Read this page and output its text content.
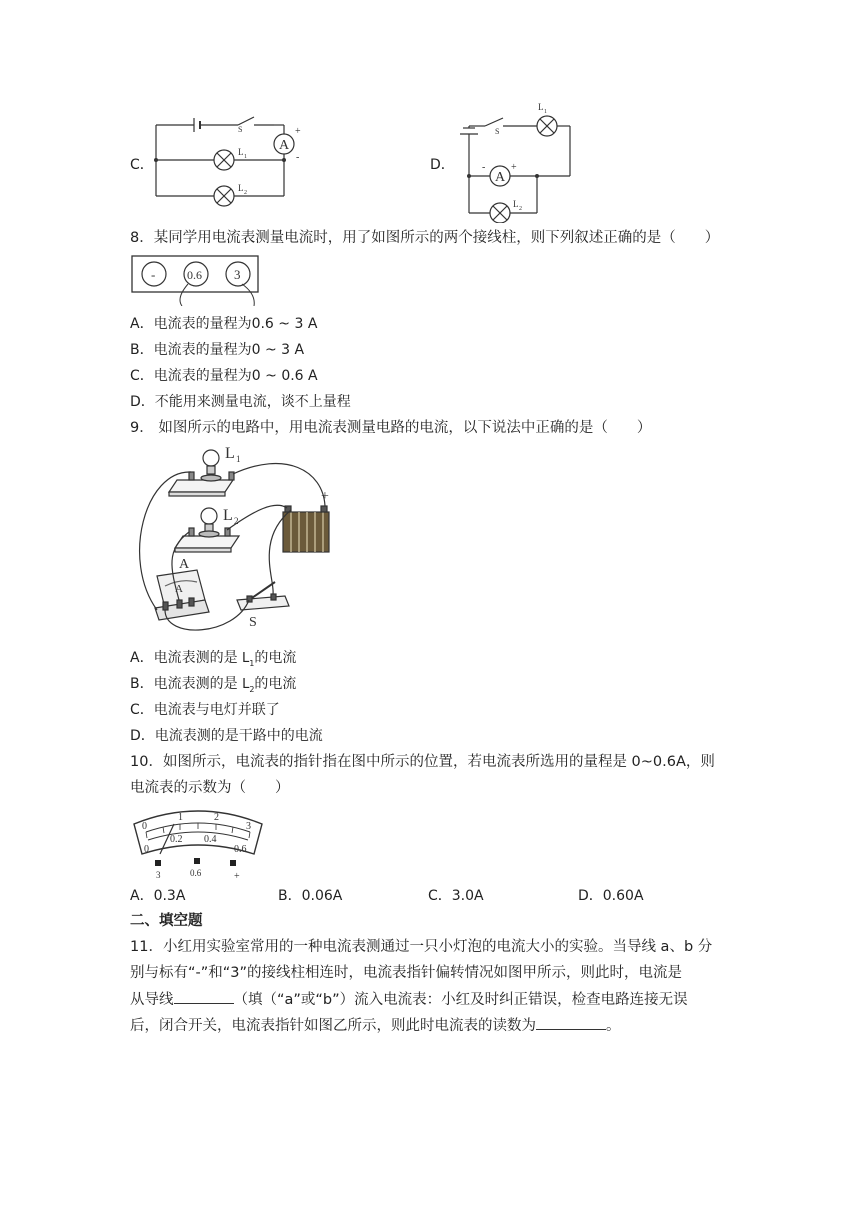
C．
S
A
+
-
L 1
L 2
D．
S
A
-	+
L 1
L 2
8．某同学用电流表测量电流时，用了如图所示的两个接线柱，则下列叙述正确的是（　　）
-	0.6 3
A．电流表的量程为0.6 ~ 3 A
B．电流表的量程为0 ~ 3 A
C．电流表的量程为0 ~ 0.6 A
D．不能用来测量电流，谈不上量程
9． 如图所示的电路中，用电流表测量电路的电流，以下说法中正确的是（　　）
L 1
L 2
−
+
A
A
S
A．电流表测的是 $L_1$的电流
B．电流表测的是 $L_2$的电流
C．电流表与电灯并联了
D．电流表测的是干路中的电流
10．如图所示，电流表的指针指在图中所示的位置，若电流表所选用的量程是 0~0.6A，则
电流表的示数为（　　）
0
1	2
3
0
0.2 0.4
0.6
3	0.6	+
A．0.3A	B．0.06A	C．3.0A	D．0.60A
二、填空题
11．小红用实验室常用的一种电流表测通过一只小灯泡的电流大小的实验。当导线 a、b 分
别与标有“-”和“3”的接线柱相连时，电流表指针偏转情况如图甲所示，则此时，电流是
从导线	（填（“a”或“b”）流入电流表：小红及时纠正错误，检查电路连接无误
后，闭合开关，电流表指针如图乙所示，则此时电流表的读数为	。
